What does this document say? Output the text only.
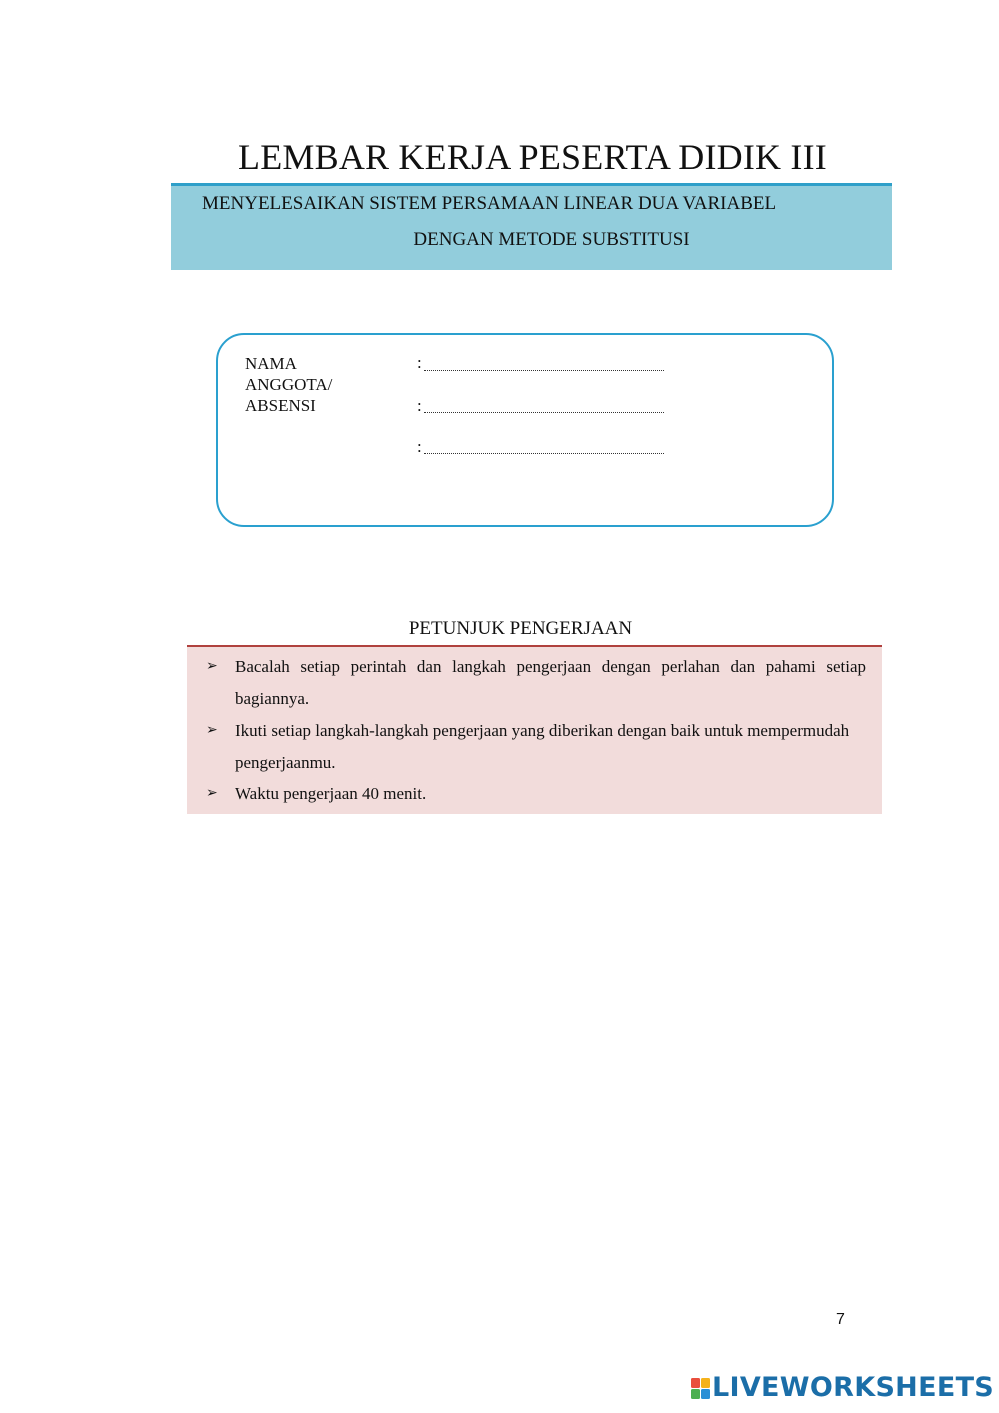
LEMBAR KERJA PESERTA DIDIK III
MENYELESAIKAN SISTEM PERSAMAAN LINEAR DUA VARIABEL
DENGAN METODE SUBSTITUSI
NAMA
ANGGOTA/
ABSENSI
:
:
:
PETUNJUK PENGERJAAN
➢ Bacalah setiap perintah dan langkah pengerjaan dengan perlahan dan pahami setiap bagiannya.
➢ Ikuti setiap langkah-langkah pengerjaan yang diberikan dengan baik untuk mempermudah pengerjaanmu.
➢ Waktu pengerjaan 40 menit.
7
LIVEWORKSHEETS
